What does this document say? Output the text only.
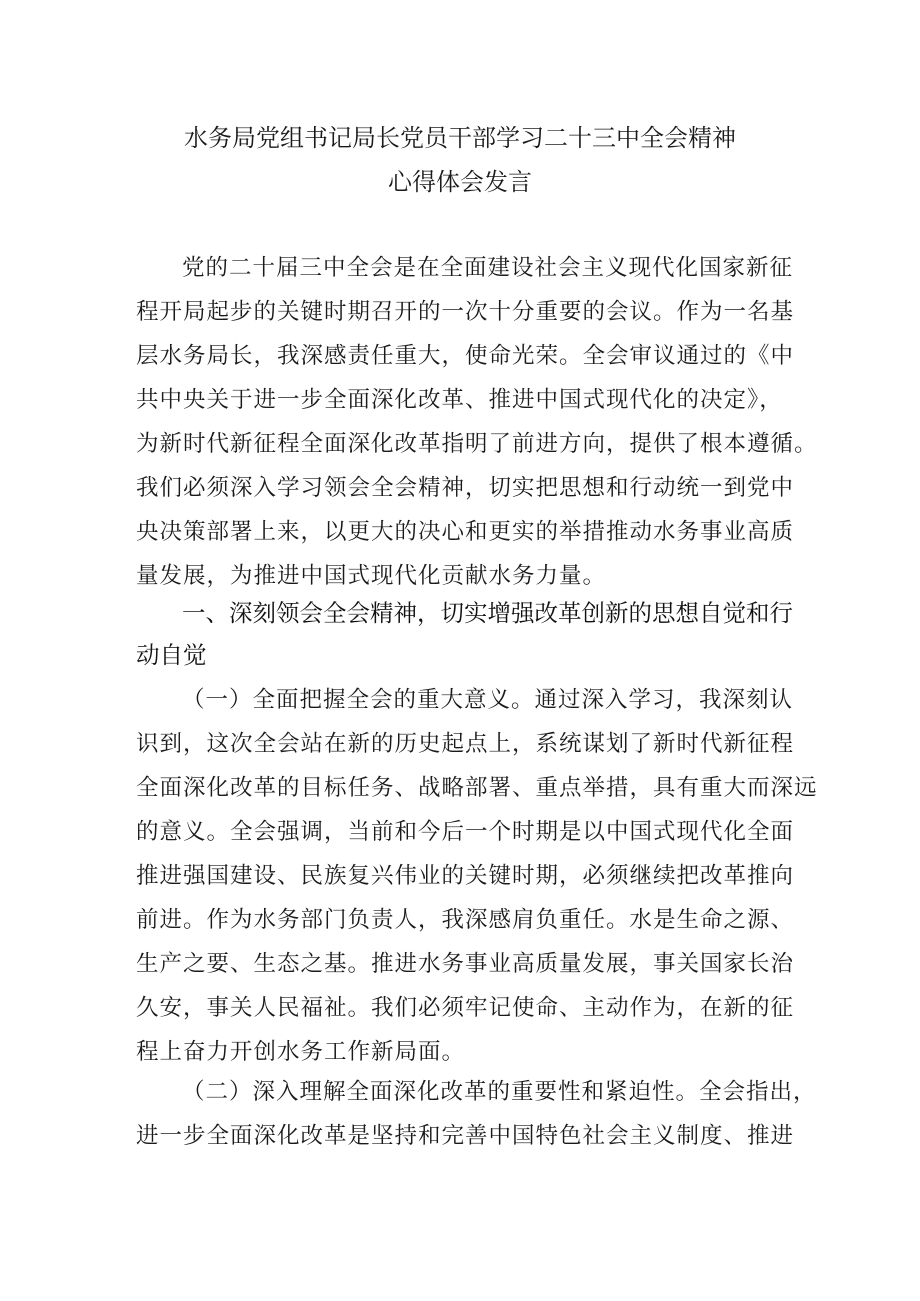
水务局党组书记局长党员干部学习二十三中全会精神
心得体会发言
党的二十届三中全会是在全面建设社会主义现代化国家新征
程开局起步的关键时期召开的一次十分重要的会议。作为一名基
层水务局长，我深感责任重大，使命光荣。全会审议通过的《中
共中央关于进一步全面深化改革、推进中国式现代化的决定》，
为新时代新征程全面深化改革指明了前进方向，提供了根本遵循。
我们必须深入学习领会全会精神，切实把思想和行动统一到党中
央决策部署上来，以更大的决心和更实的举措推动水务事业高质
量发展，为推进中国式现代化贡献水务力量。
一、深刻领会全会精神，切实增强改革创新的思想自觉和行
动自觉
（一）全面把握全会的重大意义。通过深入学习，我深刻认
识到，这次全会站在新的历史起点上，系统谋划了新时代新征程
全面深化改革的目标任务、战略部署、重点举措，具有重大而深远
的意义。全会强调，当前和今后一个时期是以中国式现代化全面
推进强国建设、民族复兴伟业的关键时期，必须继续把改革推向
前进。作为水务部门负责人，我深感肩负重任。水是生命之源、
生产之要、生态之基。推进水务事业高质量发展，事关国家长治
久安，事关人民福祉。我们必须牢记使命、主动作为，在新的征
程上奋力开创水务工作新局面。
（二）深入理解全面深化改革的重要性和紧迫性。全会指出，
进一步全面深化改革是坚持和完善中国特色社会主义制度、推进
